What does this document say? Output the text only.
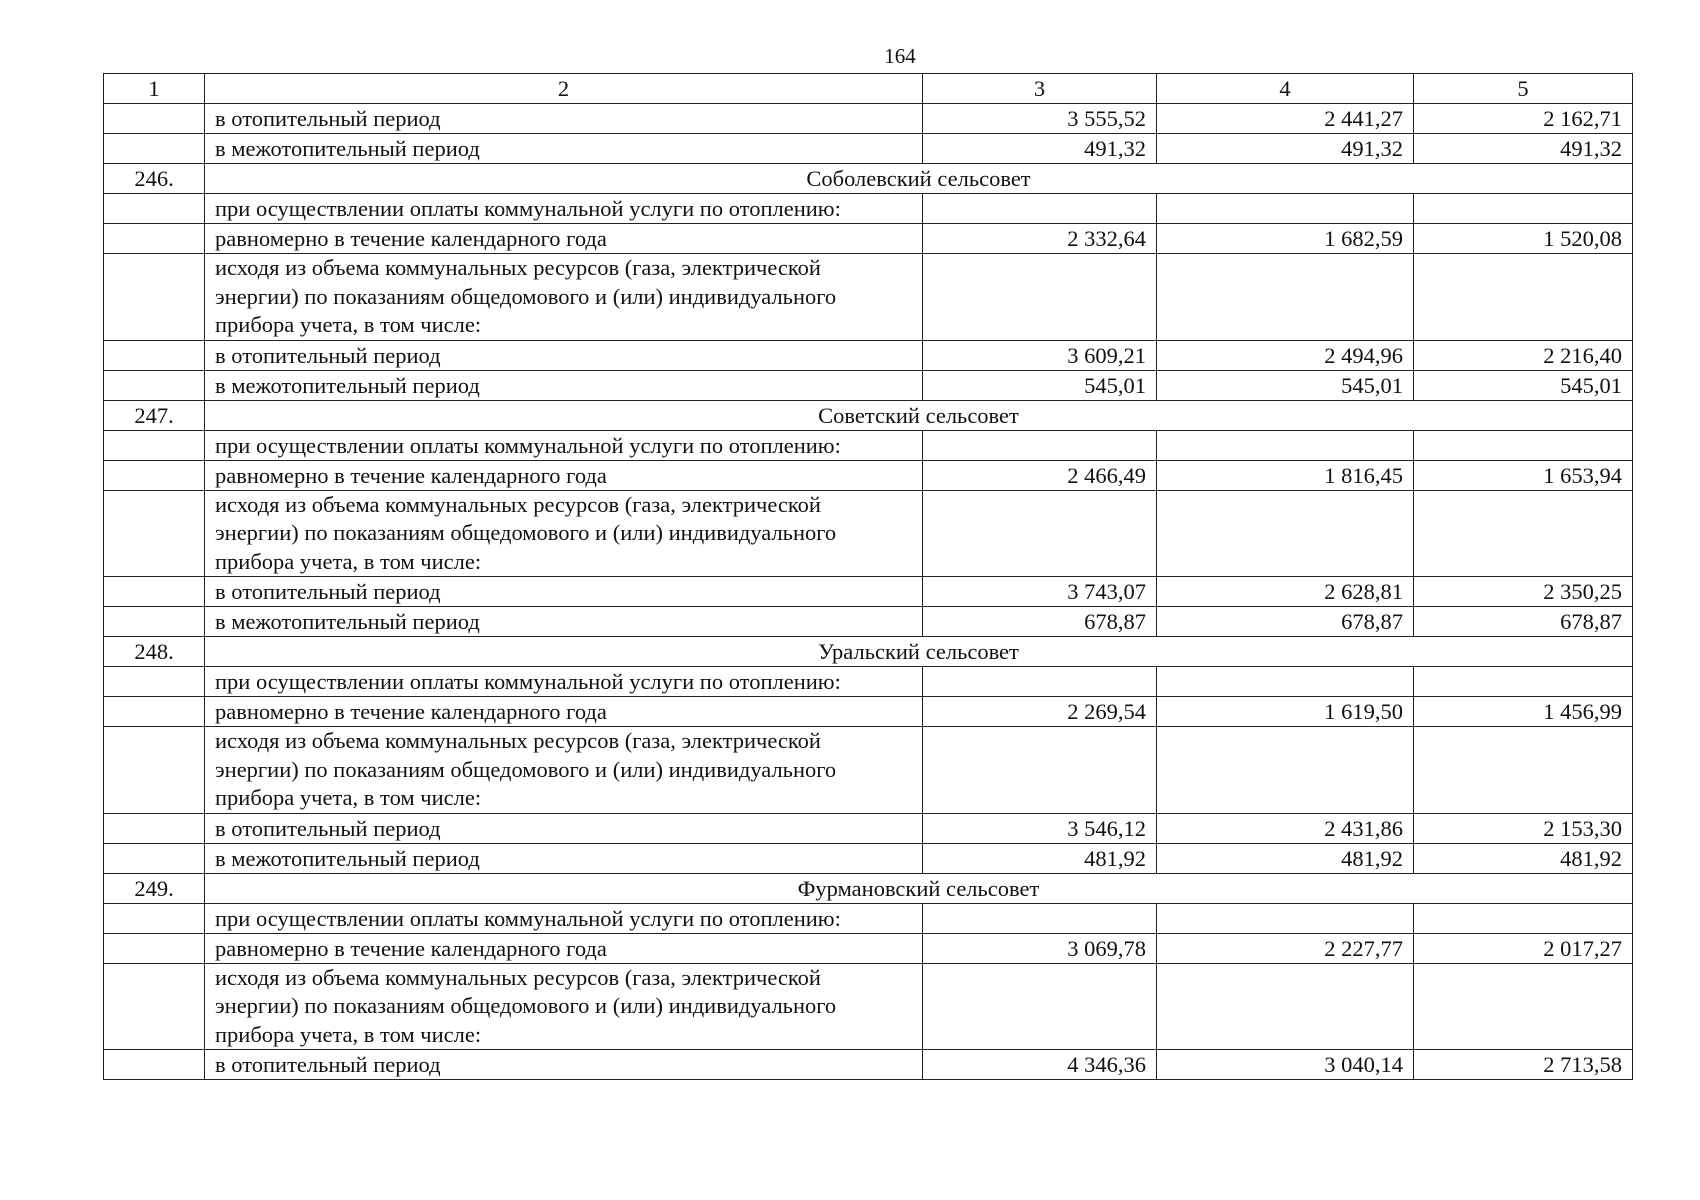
164
1	2	3	4	5
	в отопительный период	3 555,52	2 441,27	2 162,71
	в межотопительный период	491,32	491,32	491,32
246.	Соболевский сельсовет			
	при осуществлении оплаты коммунальной услуги по отоплению:			
	равномерно в течение календарного года	2 332,64	1 682,59	1 520,08

	исходя из объема коммунальных ресурсов (газа, электрической
энергии) по показаниям общедомового и (или) индивидуального
прибора учета, в том числе:			

	в отопительный период	3 609,21	2 494,96	2 216,40
	в межотопительный период	545,01	545,01	545,01
247.	Советский сельсовет			
	при осуществлении оплаты коммунальной услуги по отоплению:			
	равномерно в течение календарного года	2 466,49	1 816,45	1 653,94

	исходя из объема коммунальных ресурсов (газа, электрической
энергии) по показаниям общедомового и (или) индивидуального
прибора учета, в том числе:			

	в отопительный период	3 743,07	2 628,81	2 350,25
	в межотопительный период	678,87	678,87	678,87
248.	Уральский сельсовет			
	при осуществлении оплаты коммунальной услуги по отоплению:			
	равномерно в течение календарного года	2 269,54	1 619,50	1 456,99

	исходя из объема коммунальных ресурсов (газа, электрической
энергии) по показаниям общедомового и (или) индивидуального
прибора учета, в том числе:			

	в отопительный период	3 546,12	2 431,86	2 153,30
	в межотопительный период	481,92	481,92	481,92
249.	Фурмановский сельсовет			
	при осуществлении оплаты коммунальной услуги по отоплению:			
	равномерно в течение календарного года	3 069,78	2 227,77	2 017,27

	исходя из объема коммунальных ресурсов (газа, электрической
энергии) по показаниям общедомового и (или) индивидуального
прибора учета, в том числе:			

	в отопительный период	4 346,36	3 040,14	2 713,58
